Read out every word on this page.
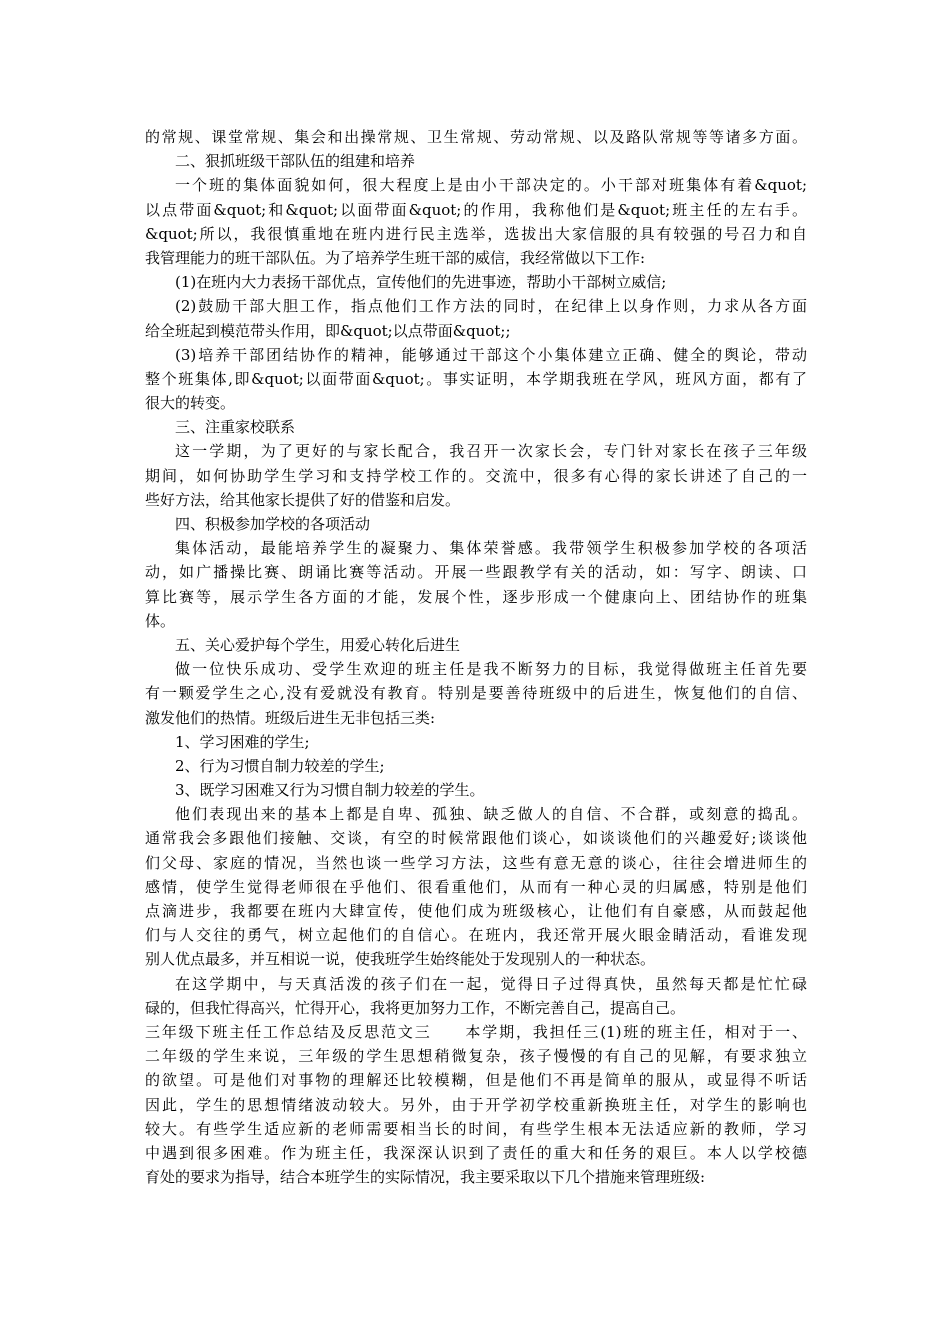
的常规、课堂常规、集会和出操常规、卫生常规、劳动常规、以及路队常规等等诸多方面。
二、狠抓班级干部队伍的组建和培养
一个班的集体面貌如何，很大程度上是由小干部决定的。小干部对班集体有着&quot;
以点带面&quot;和&quot;以面带面&quot;的作用，我称他们是&quot;班主任的左右手。
&quot;所以，我很慎重地在班内进行民主选举，选拔出大家信服的具有较强的号召力和自
我管理能力的班干部队伍。为了培养学生班干部的威信，我经常做以下工作:
(1)在班内大力表扬干部优点，宣传他们的先进事迹，帮助小干部树立威信;
(2)鼓励干部大胆工作，指点他们工作方法的同时，在纪律上以身作则，力求从各方面
给全班起到模范带头作用，即&quot;以点带面&quot;;
(3)培养干部团结协作的精神，能够通过干部这个小集体建立正确、健全的舆论，带动
整个班集体,即&quot;以面带面&quot;。事实证明，本学期我班在学风，班风方面，都有了
很大的转变。
三、注重家校联系
这一学期，为了更好的与家长配合，我召开一次家长会，专门针对家长在孩子三年级
期间，如何协助学生学习和支持学校工作的。交流中，很多有心得的家长讲述了自己的一
些好方法，给其他家长提供了好的借鉴和启发。
四、积极参加学校的各项活动
集体活动，最能培养学生的凝聚力、集体荣誉感。我带领学生积极参加学校的各项活
动，如广播操比赛、朗诵比赛等活动。开展一些跟教学有关的活动，如：写字、朗读、口
算比赛等，展示学生各方面的才能，发展个性，逐步形成一个健康向上、团结协作的班集
体。
五、关心爱护每个学生，用爱心转化后进生
做一位快乐成功、受学生欢迎的班主任是我不断努力的目标，我觉得做班主任首先要
有一颗爱学生之心,没有爱就没有教育。特别是要善待班级中的后进生，恢复他们的自信、
激发他们的热情。班级后进生无非包括三类:
1、学习困难的学生;
2、行为习惯自制力较差的学生;
3、既学习困难又行为习惯自制力较差的学生。
他们表现出来的基本上都是自卑、孤独、缺乏做人的自信、不合群，或刻意的捣乱。
通常我会多跟他们接触、交谈，有空的时候常跟他们谈心，如谈谈他们的兴趣爱好;谈谈他
们父母、家庭的情况，当然也谈一些学习方法，这些有意无意的谈心，往往会增进师生的
感情，使学生觉得老师很在乎他们、很看重他们，从而有一种心灵的归属感，特别是他们
点滴进步，我都要在班内大肆宣传，使他们成为班级核心，让他们有自豪感，从而鼓起他
们与人交往的勇气，树立起他们的自信心。在班内，我还常开展火眼金睛活动，看谁发现
别人优点最多，并互相说一说，使我班学生始终能处于发现别人的一种状态。
在这学期中，与天真活泼的孩子们在一起，觉得日子过得真快，虽然每天都是忙忙碌
碌的，但我忙得高兴，忙得开心，我将更加努力工作，不断完善自己，提高自己。
三年级下班主任工作总结及反思范文三　　本学期，我担任三(1)班的班主任，相对于一、
二年级的学生来说，三年级的学生思想稍微复杂，孩子慢慢的有自己的见解，有要求独立
的欲望。可是他们对事物的理解还比较模糊，但是他们不再是简单的服从，或显得不听话
因此，学生的思想情绪波动较大。另外，由于开学初学校重新换班主任，对学生的影响也
较大。有些学生适应新的老师需要相当长的时间，有些学生根本无法适应新的教师，学习
中遇到很多困难。作为班主任，我深深认识到了责任的重大和任务的艰巨。本人以学校德
育处的要求为指导，结合本班学生的实际情况，我主要采取以下几个措施来管理班级:
